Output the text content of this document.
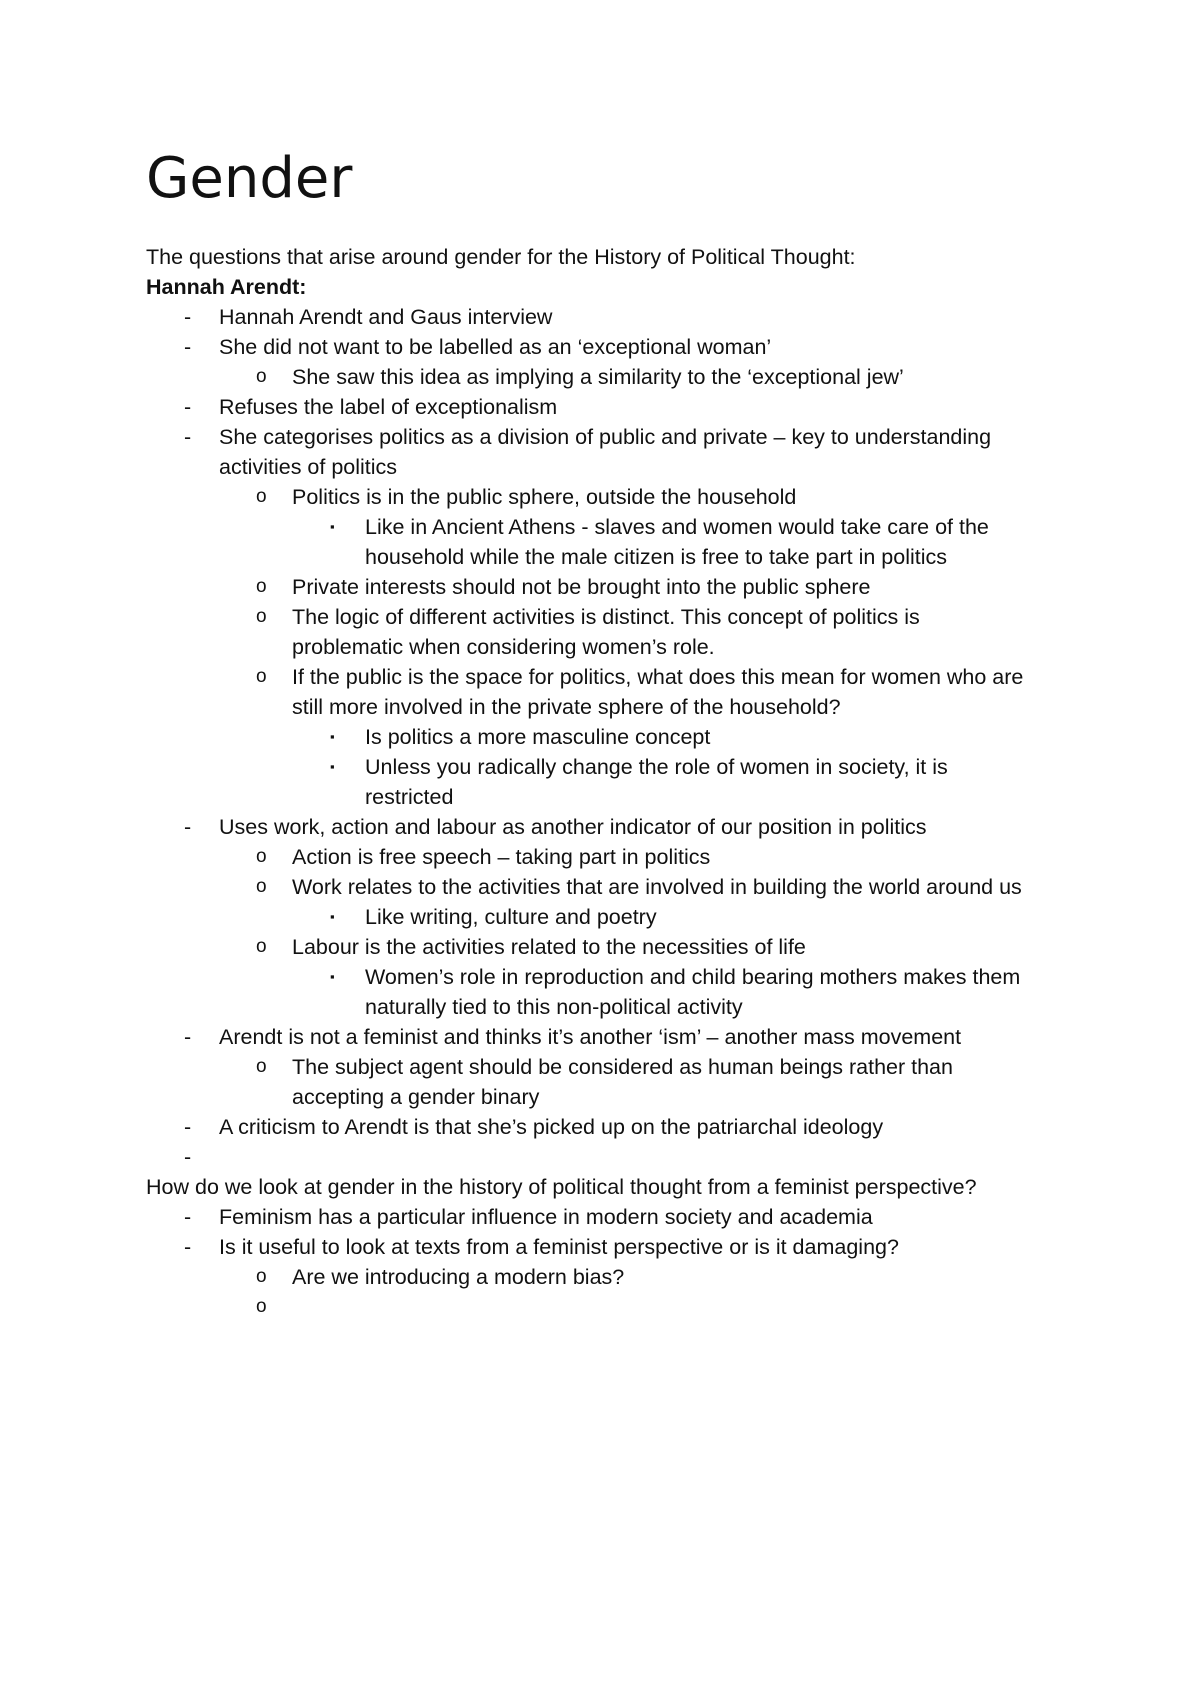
Gender

The questions that arise around gender for the History of Political Thought:

Hannah Arendt:

- Hannah Arendt and Gaus interview

- She did not want to be labelled as an ‘exceptional woman’

o She saw this idea as implying a similarity to the ‘exceptional jew’

- Refuses the label of exceptionalism

- She categorises politics as a division of public and private – key to understanding

activities of politics

o Politics is in the public sphere, outside the household

▪ Like in Ancient Athens - slaves and women would take care of the

household while the male citizen is free to take part in politics

o Private interests should not be brought into the public sphere

o The logic of different activities is distinct. This concept of politics is

problematic when considering women’s role.

o If the public is the space for politics, what does this mean for women who are

still more involved in the private sphere of the household?

▪ Is politics a more masculine concept

▪ Unless you radically change the role of women in society, it is

restricted

- Uses work, action and labour as another indicator of our position in politics

o Action is free speech – taking part in politics

o Work relates to the activities that are involved in building the world around us

▪ Like writing, culture and poetry

o Labour is the activities related to the necessities of life

▪ Women’s role in reproduction and child bearing mothers makes them

naturally tied to this non-political activity

- Arendt is not a feminist and thinks it’s another ‘ism’ – another mass movement

o The subject agent should be considered as human beings rather than

accepting a gender binary

- A criticism to Arendt is that she’s picked up on the patriarchal ideology

-

How do we look at gender in the history of political thought from a feminist perspective?

- Feminism has a particular influence in modern society and academia

- Is it useful to look at texts from a feminist perspective or is it damaging?

o Are we introducing a modern bias?

o
